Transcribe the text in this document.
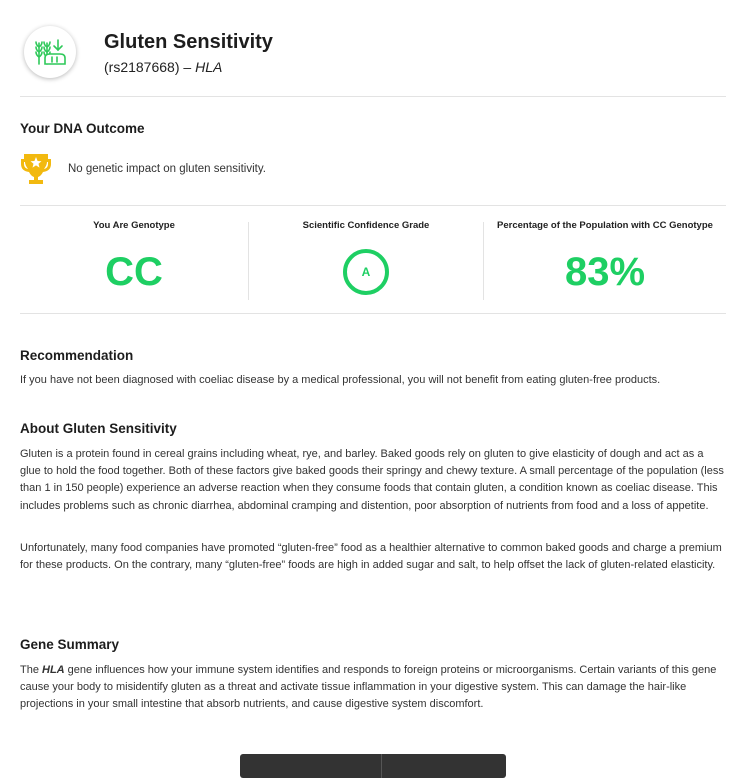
Gluten Sensitivity
(rs2187668) – HLA
Your DNA Outcome
No genetic impact on gluten sensitivity.
You Are Genotype
CC
Scientific Confidence Grade
A
Percentage of the Population with CC Genotype
83%
Recommendation

If you have not been diagnosed with coeliac disease by a medical professional, you will not benefit from eating gluten-free products.

About Gluten Sensitivity

Gluten is a protein found in cereal grains including wheat, rye, and barley. Baked goods rely on gluten to give elasticity of dough and act as a glue to hold the food together. Both of these factors give baked goods their springy and chewy texture. A small percentage of the population (less than 1 in 150 people) experience an adverse reaction when they consume foods that contain gluten, a condition known as coeliac disease. This includes problems such as chronic diarrhea, abdominal cramping and distention, poor absorption of nutrients from food and a loss of appetite.

Unfortunately, many food companies have promoted “gluten-free” food as a healthier alternative to common baked goods and charge a premium for these products. On the contrary, many “gluten-free” foods are high in added sugar and salt, to help offset the lack of gluten-related elasticity.

Gene Summary

The HLA gene influences how your immune system identifies and responds to foreign proteins or microorganisms. Certain variants of this gene cause your body to misidentify gluten as a threat and activate tissue inflammation in your digestive system. This can damage the hair-like projections in your small intestine that absorb nutrients, and cause digestive system discomfort.
